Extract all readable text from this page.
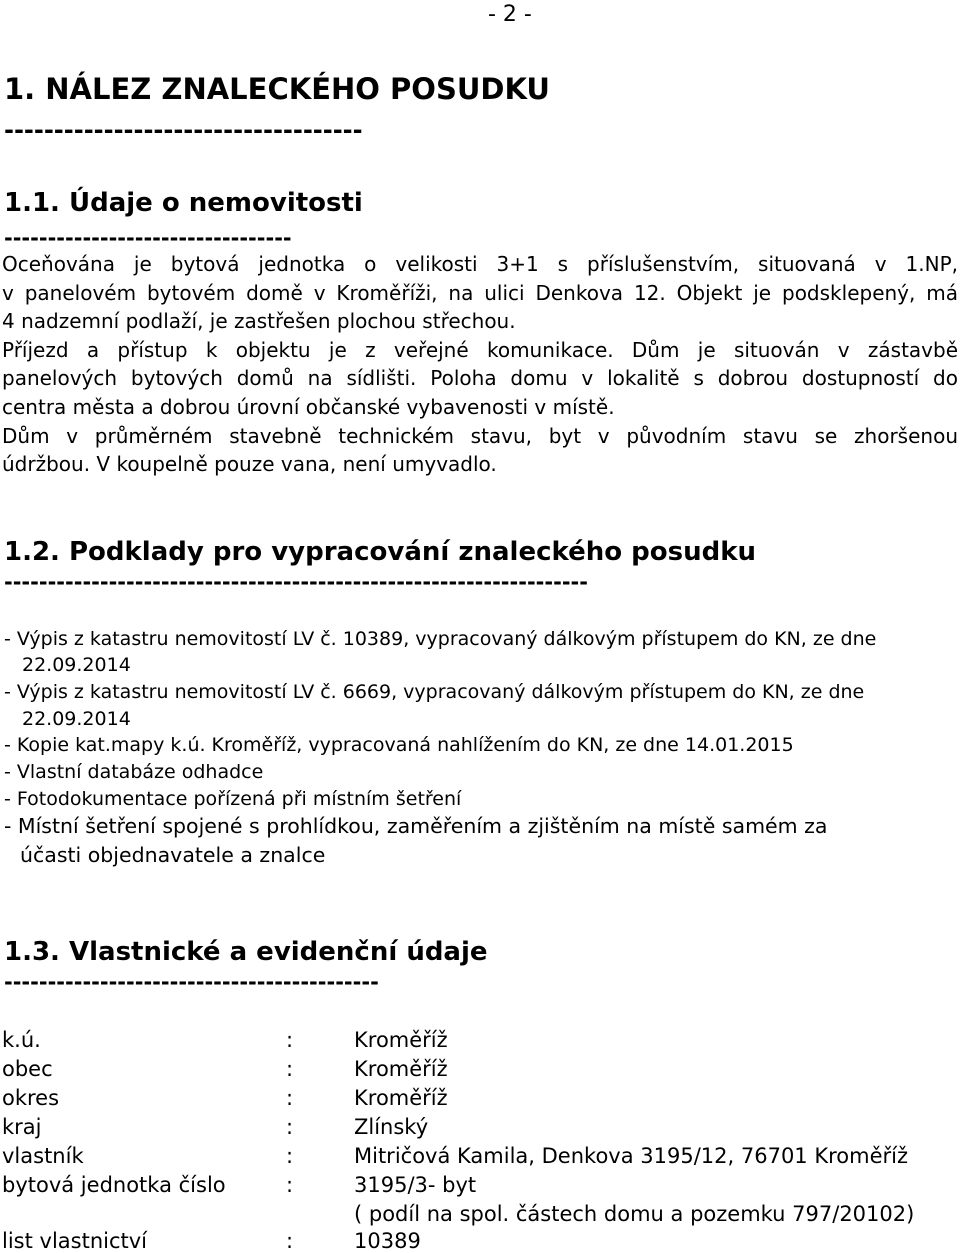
- 2 -
1. NÁLEZ ZNALECKÉHO POSUDKU
------------------------------------
1.1. Údaje o nemovitosti
---------------------------------
Oceňována je bytová jednotka o velikosti 3+1 s příslušenstvím, situovaná v 1.NP,
v panelovém bytovém domě v Kroměříži, na ulici Denkova 12. Objekt je podsklepený, má
4 nadzemní podlaží, je zastřešen plochou střechou.
Příjezd a přístup k objektu je z veřejné komunikace. Dům je situován v zástavbě
panelových bytových domů na sídlišti. Poloha domu v lokalitě s dobrou dostupností do
centra města a dobrou úrovní občanské vybavenosti v místě.
Dům v průměrném stavebně technickém stavu, byt v původním stavu se zhoršenou
údržbou. V koupelně pouze vana, není umyvadlo.
1.2. Podklady pro vypracování znaleckého posudku
-------------------------------------------------------------------
- Výpis z katastru nemovitostí LV č. 10389, vypracovaný dálkovým přístupem do KN, ze dne
22.09.2014
- Výpis z katastru nemovitostí LV č. 6669, vypracovaný dálkovým přístupem do KN, ze dne
22.09.2014
- Kopie kat.mapy k.ú. Kroměříž, vypracovaná nahlížením do KN, ze dne 14.01.2015
- Vlastní databáze odhadce
- Fotodokumentace pořízená při místním šetření
- Místní šetření spojené s prohlídkou, zaměřením a zjištěním na místě samém za
účasti objednavatele a znalce
1.3. Vlastnické a evidenční údaje
-------------------------------------------
k.ú.	:	Kroměříž
obec	:	Kroměříž
okres	:	Kroměříž
kraj	:	Zlínský
vlastník	:	Mitričová Kamila, Denkova 3195/12, 76701 Kroměříž
bytová jednotka číslo	:	3195/3- byt
( podíl na spol. částech domu a pozemku 797/20102)
list vlastnictví	:	10389
